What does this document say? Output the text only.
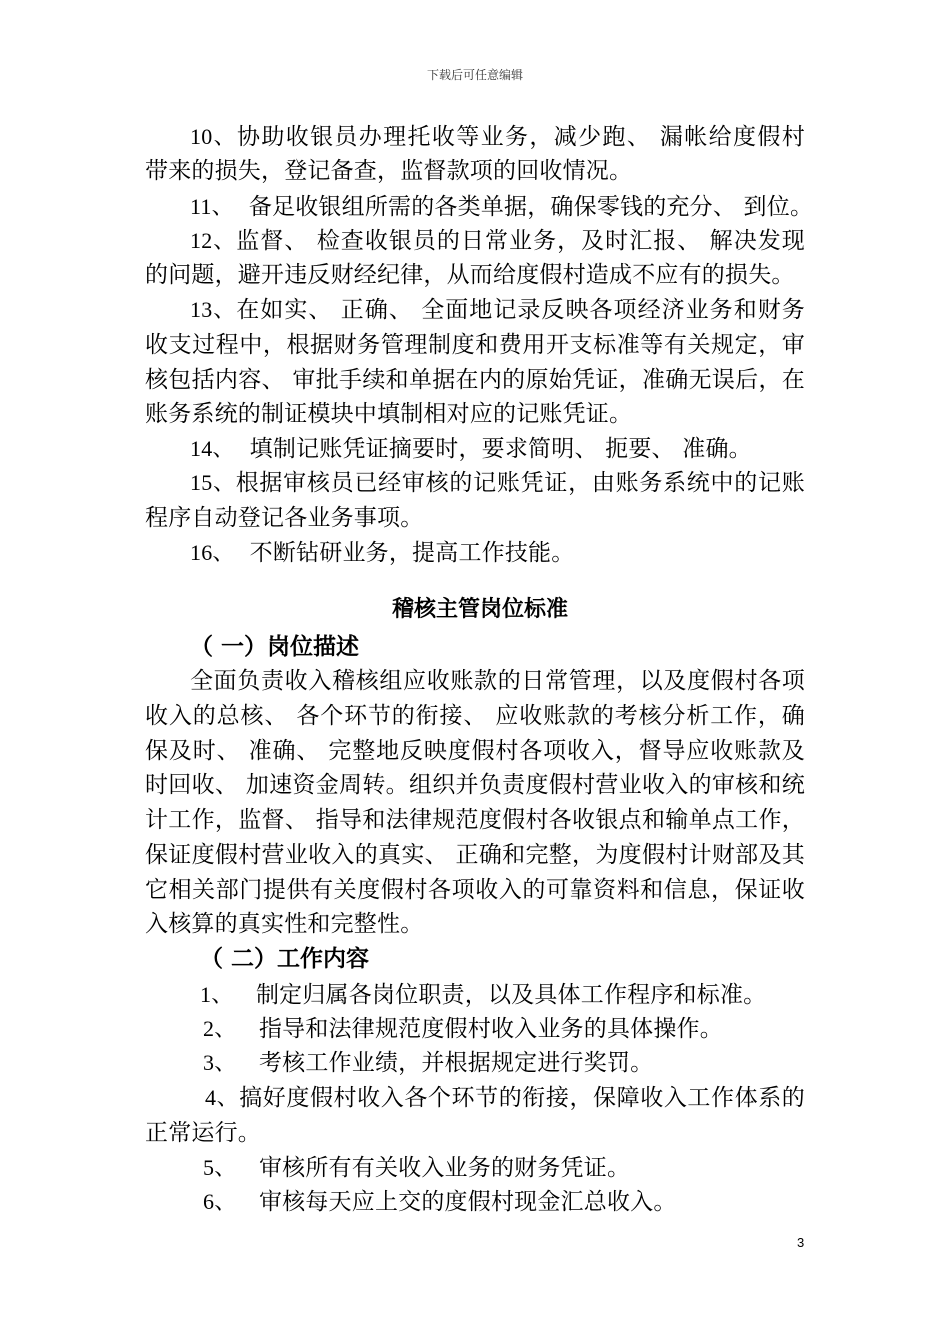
下载后可任意编辑
10、协助收银员办理托收等业务，减少跑、 漏帐给度假村
带来的损失，登记备查，监督款项的回收情况。
11、 备足收银组所需的各类单据，确保零钱的充分、 到位。
12、监督、 检查收银员的日常业务，及时汇报、 解决发现
的问题，避开违反财经纪律，从而给度假村造成不应有的损失。
13、在如实、 正确、 全面地记录反映各项经济业务和财务
收支过程中，根据财务管理制度和费用开支标准等有关规定，审
核包括内容、 审批手续和单据在内的原始凭证，准确无误后，在
账务系统的制证模块中填制相对应的记账凭证。
14、 填制记账凭证摘要时，要求简明、 扼要、 准确。
15、根据审核员已经审核的记账凭证，由账务系统中的记账
程序自动登记各业务事项。
16、 不断钻研业务，提高工作技能。
稽核主管岗位标准
（ 一）岗位描述
全面负责收入稽核组应收账款的日常管理，以及度假村各项
收入的总核、 各个环节的衔接、 应收账款的考核分析工作，确
保及时、 准确、 完整地反映度假村各项收入，督导应收账款及
时回收、 加速资金周转。组织并负责度假村营业收入的审核和统
计工作，监督、 指导和法律规范度假村各收银点和输单点工作，
保证度假村营业收入的真实、 正确和完整，为度假村计财部及其
它相关部门提供有关度假村各项收入的可靠资料和信息，保证收
入核算的真实性和完整性。
（ 二）工作内容
1、 制定归属各岗位职责，以及具体工作程序和标准。
2、 指导和法律规范度假村收入业务的具体操作。
3、 考核工作业绩，并根据规定进行奖罚。
4、搞好度假村收入各个环节的衔接，保障收入工作体系的
正常运行。
5、 审核所有有关收入业务的财务凭证。
6、 审核每天应上交的度假村现金汇总收入。
3
